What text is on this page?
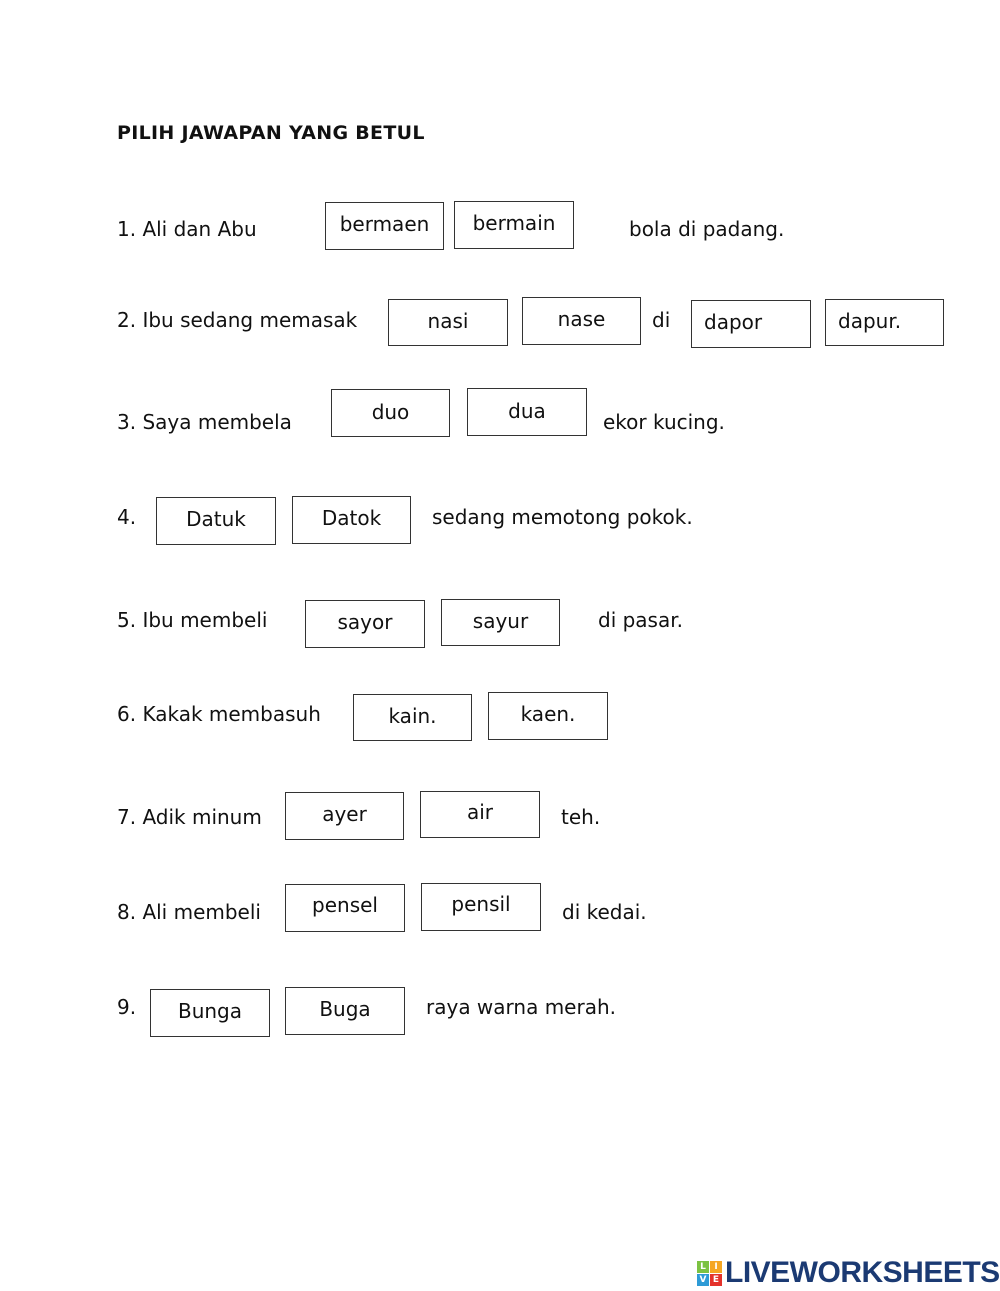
PILIH JAWAPAN YANG BETUL
1. Ali dan Abu	bermaen	bermain	bola di padang.
2. Ibu sedang memasak	nasi	nase	di	dapor	dapur.
3. Saya membela	duo	dua	ekor kucing.
4.	Datuk	Datok	sedang memotong pokok.
5. Ibu membeli	sayor	sayur	di pasar.
6. Kakak membasuh	kain.	kaen.
7. Adik minum	ayer	air	teh.
8. Ali membeli	pensel	pensil	di kedai.
9.	Bunga	Buga	raya warna merah.
L I
V E LIVEWORKSHEETS
